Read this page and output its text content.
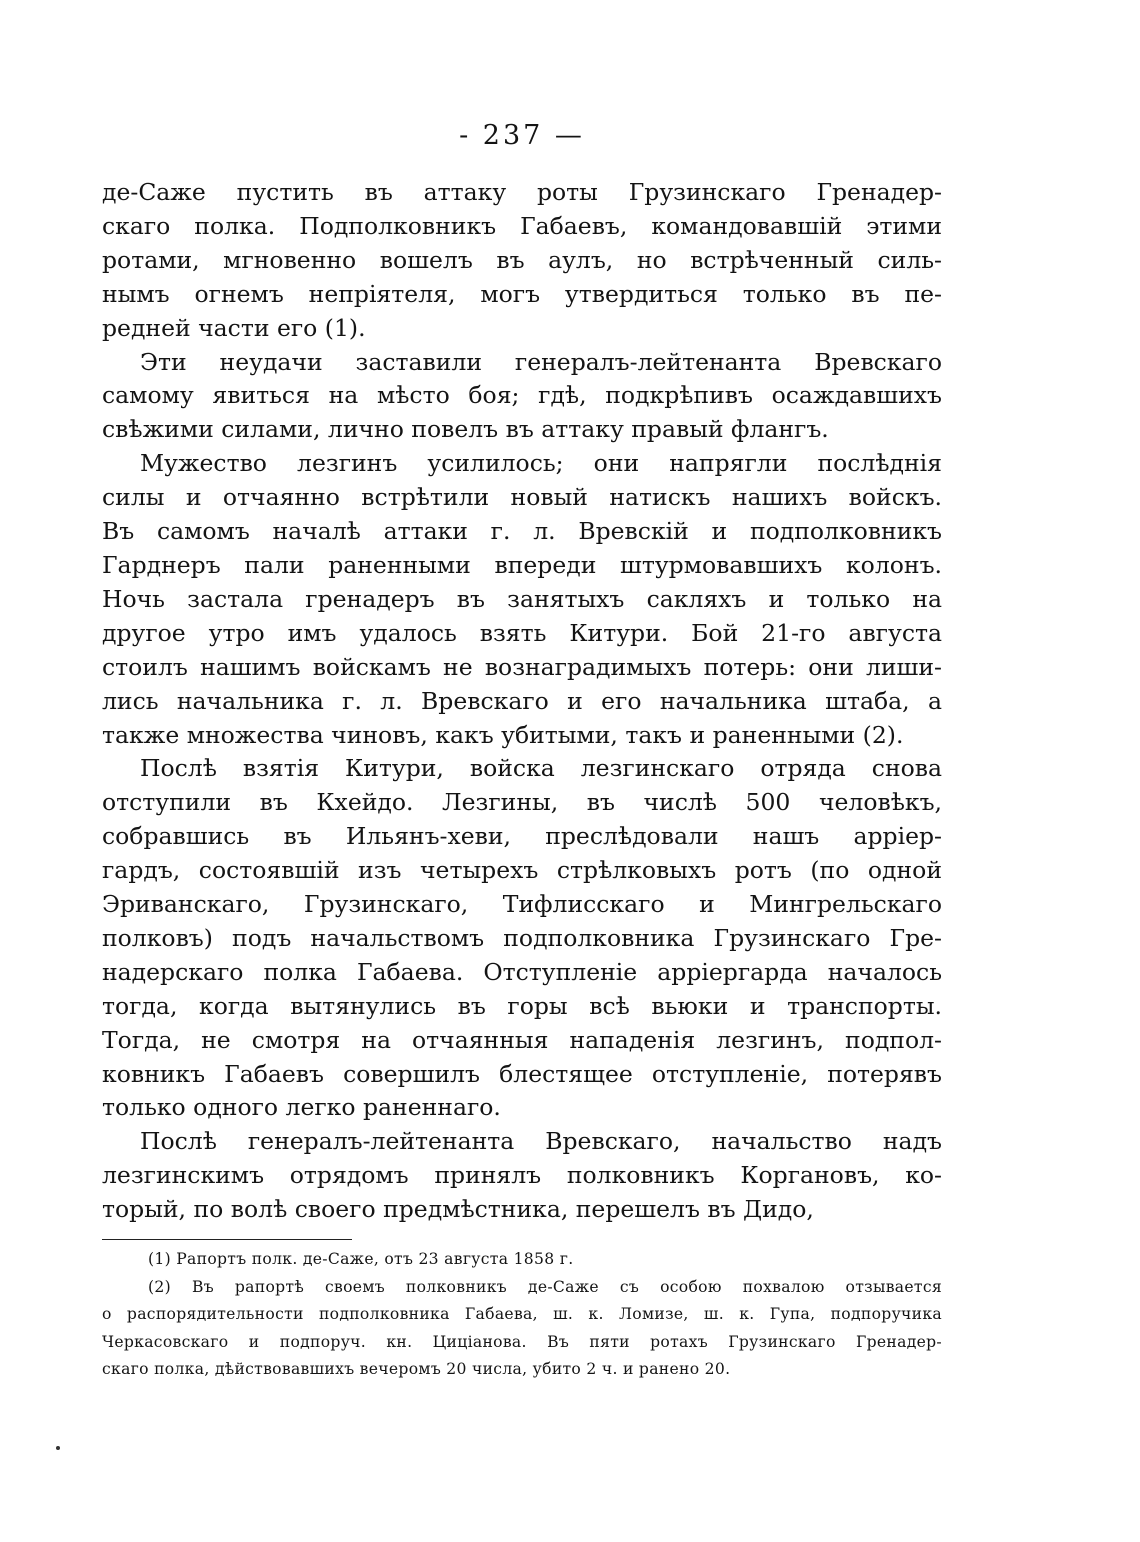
- 237 —

де-Саже пустить въ аттаку роты Грузинскаго Гренадер-
скаго полка. Подполковникъ Габаевъ, командовавшій этими
ротами, мгновенно вошелъ въ аулъ, но встрѣченный силь-
нымъ огнемъ непріятеля, могъ утвердиться только въ пе-
редней части его (1).

Эти неудачи заставили генералъ-лейтенанта Вревскаго
самому явиться на мѣсто боя; гдѣ, подкрѣпивъ осаждавшихъ
свѣжими силами, лично повелъ въ аттаку правый флангъ.

Мужество лезгинъ усилилось; они напрягли послѣднія
силы и отчаянно встрѣтили новый натискъ нашихъ войскъ.
Въ самомъ началѣ аттаки г. л. Вревскій и подполковникъ
Гарднеръ пали раненными впереди штурмовавшихъ колонъ.
Ночь застала гренадеръ въ занятыхъ сакляхъ и только на
другое утро имъ удалось взять Китури. Бой 21-го августа
стоилъ нашимъ войскамъ не вознаградимыхъ потерь: они лиши-
лись начальника г. л. Вревскаго и его начальника штаба, а
также множества чиновъ, какъ убитыми, такъ и раненными (2).

Послѣ взятія Китури, войска лезгинскаго отряда снова
отступили въ Кхейдо. Лезгины, въ числѣ 500 человѣкъ,
собравшись въ Ильянъ-хеви, преслѣдовали нашъ арріер-
гардъ, состоявшій изъ четырехъ стрѣлковыхъ ротъ (по одной
Эриванскаго, Грузинскаго, Тифлисскаго и Мингрельскаго
полковъ) подъ начальствомъ подполковника Грузинскаго Гре-
надерскаго полка Габаева. Отступленіе арріергарда началось
тогда, когда вытянулись въ горы всѣ вьюки и транспорты.
Тогда, не смотря на отчаянныя нападенія лезгинъ, подпол-
ковникъ Габаевъ совершилъ блестящее отступленіе, потерявъ
только одного легко раненнаго.

Послѣ генералъ-лейтенанта Вревскаго, начальство надъ
лезгинскимъ отрядомъ принялъ полковникъ Коргановъ, ко-
торый, по волѣ своего предмѣстника, перешелъ въ Дидо,

(1) Рапортъ полк. де-Саже, отъ 23 августа 1858 г.

(2) Въ рапортѣ своемъ полковникъ де-Саже съ особою похвалою отзывается
о распорядительности подполковника Габаева, ш. к. Ломизе, ш. к. Гупа, подпоручика
Черкасовскаго и подпоруч. кн. Цицiанова. Въ пяти ротахъ Грузинскаго Гренадер-
скаго полка, дѣйствовавшихъ вечеромъ 20 числа, убито 2 ч. и ранено 20.
